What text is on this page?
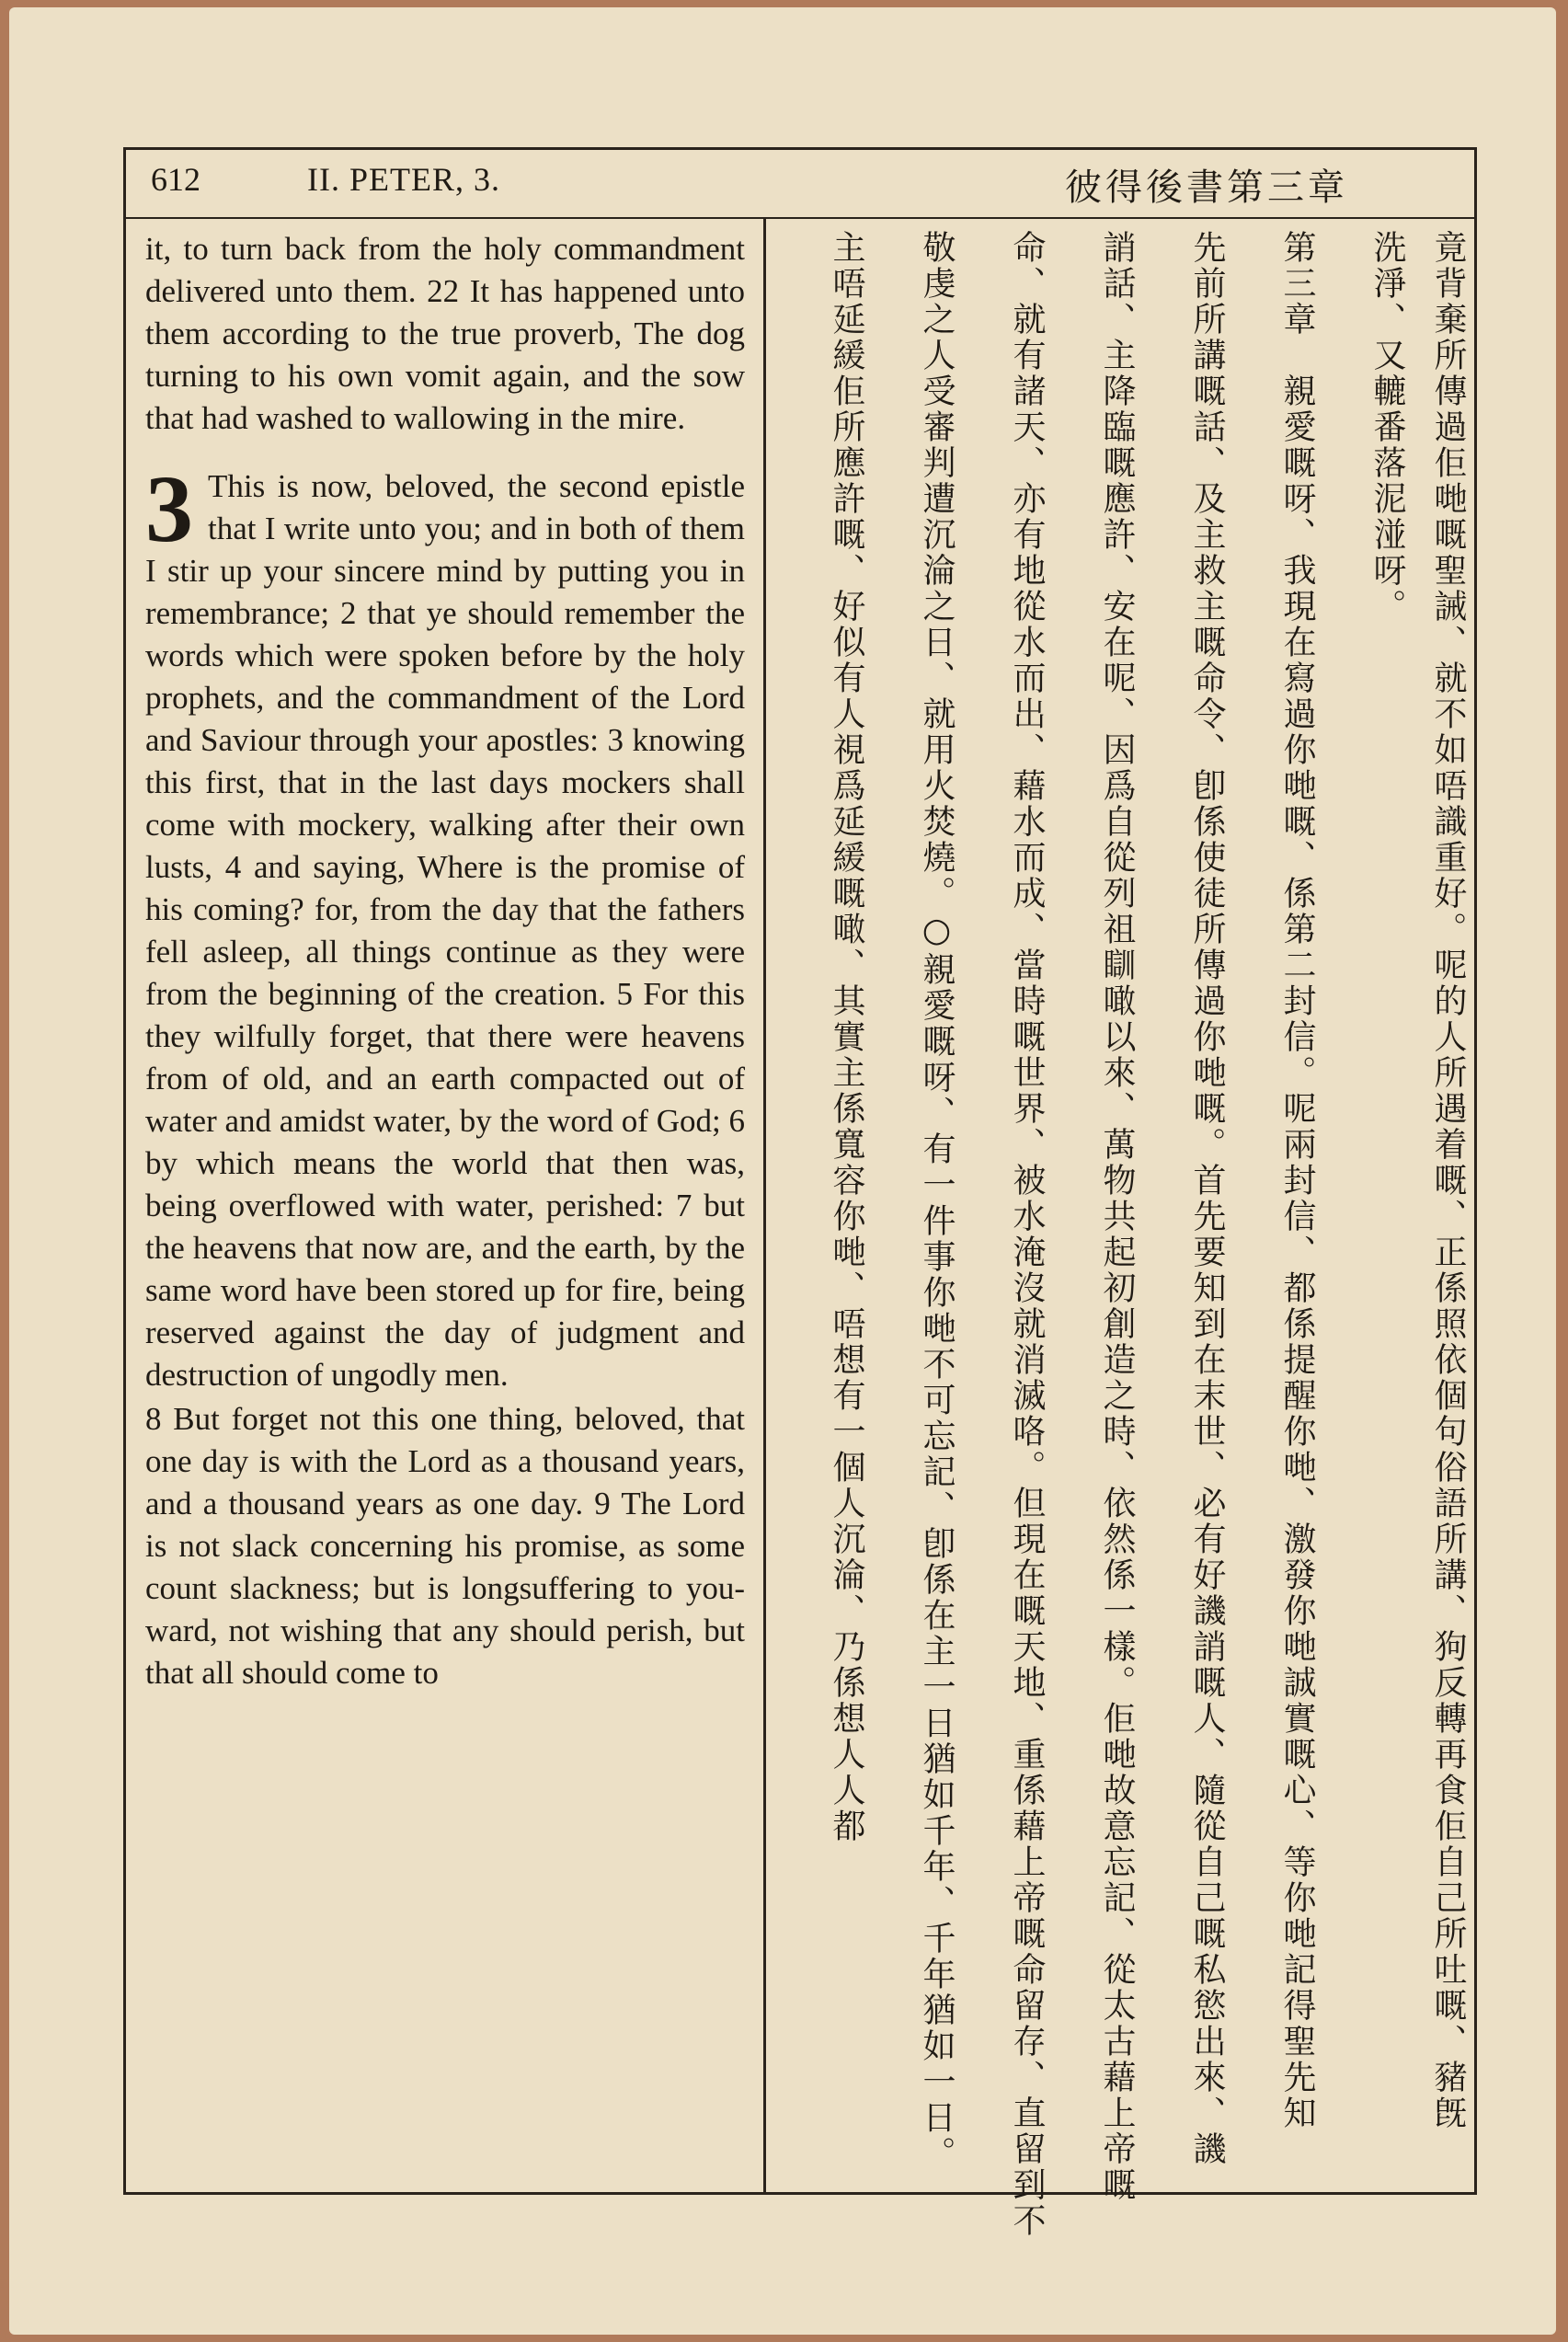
612	II. PETER, 3.	彼得後書第三章

it, to turn back from the holy commandment delivered unto them. 22 It has happened unto them according to the true proverb, The dog turning to his own vomit again, and the sow that had washed to wallowing in the mire.

3 This is now, beloved, the second epistle that I write unto you; and in both of them I stir up your sincere mind by putting you in remembrance; 2 that ye should remember the words which were spoken before by the holy prophets, and the commandment of the Lord and Saviour through your apostles: 3 knowing this first, that in the last days mockers shall come with mockery, walking after their own lusts, 4 and saying, Where is the promise of his coming? for, from the day that the fathers fell asleep, all things continue as they were from the beginning of the creation. 5 For this they wilfully forget, that there were heavens from of old, and an earth compacted out of water and amidst water, by the word of God; 6 by which means the world that then was, being overflowed with water, perished: 7 but the heavens that now are, and the earth, by the same word have been stored up for fire, being reserved against the day of judgment and destruction of ungodly men.

8 But forget not this one thing, beloved, that one day is with the Lord as a thousand years, and a thousand years as one day. 9 The Lord is not slack concerning his promise, as some count slackness; but is longsuffering to you-ward, not wishing that any should perish, but that all should come to	竟背棄所傳過佢哋嘅聖誡、就不如唔識重好。呢的人所遇着嘅、正係照依個句俗語所講、狗反轉再食佢自己所吐嘅、豬旣
洗淨、又轆番落泥湴呀。
第三章　親愛嘅呀、我現在寫過你哋嘅、係第二封信。呢兩封信、都係提醒你哋、激發你哋誠實嘅心、等你哋記得聖先知
先前所講嘅話、及主救主嘅命令、卽係使徒所傳過你哋嘅。首先要知到在末世、必有好譏誚嘅人、隨從自己嘅私慾出來、譏
誚話、主降臨嘅應許、安在呢、因爲自從列祖瞓噉以來、萬物共起初創造之時、依然係一樣。佢哋故意忘記、從太古藉上帝嘅
命、就有諸天、亦有地從水而出、藉水而成、當時嘅世界、被水淹沒就消滅咯。但現在嘅天地、重係藉上帝嘅命留存、直留到不
敬虔之人受審判遭沉淪之日、就用火焚燒。○親愛嘅呀、有一件事你哋不可忘記、卽係在主一日猶如千年、千年猶如一日。
主唔延緩佢所應許嘅、好似有人視爲延緩嘅噉、其實主係寬容你哋、唔想有一個人沉淪、乃係想人人都
